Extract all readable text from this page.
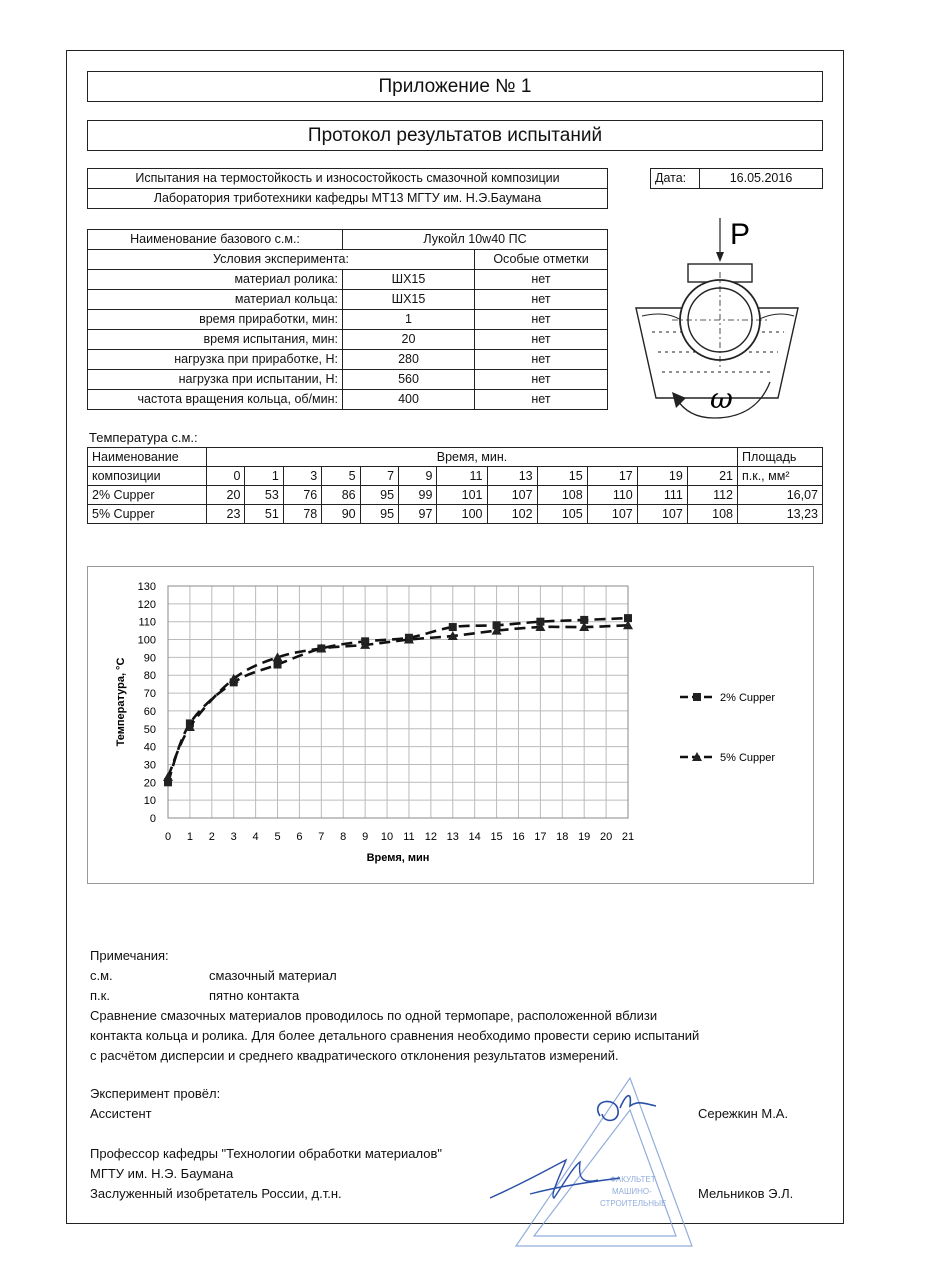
Приложение № 1
Протокол результатов испытаний
Испытания на термостойкость и износостойкость смазочной композиции
Лаборатория триботехники кафедры МТ13 МГТУ им. Н.Э.Баумана
Дата:	16.05.2016
Наименование базового с.м.:	Лукойл 10w40 ПС	
Условия эксперимента:		Особые отметки
материал ролика:	ШХ15	нет
материал кольца:	ШХ15	нет
время приработки, мин:	1	нет
время испытания, мин:	20	нет
нагрузка при приработке, Н:	280	нет
нагрузка при испытании, Н:	560	нет
частота вращения кольца, об/мин:	400	нет
P
ω
Температура с.м.:
Наименование	Время, мин.												Площадь
композиции	0	1	3	5	7	9	11	13	15	17	19	21	п.к., мм²
2% Cupper	20	53	76	86	95	99	101	107	108	110	111	112	16,07
5% Cupper	23	51	78	90	95	97	100	102	105	107	107	108	13,23
0 1 2 3 4 5 6 7 8 9 10 11 12 13 14 15 16 17 18 19 20 21
0
10
20
30
40
50
60
70
80
90
100
110
120
130
Время, мин
Температура, °С	2% Cupper
5% Cupper
Примечания:
с.м.	смазочный материал
п.к.	пятно контакта
Сравнение смазочных материалов проводилось по одной термопаре, расположенной вблизи
контакта кольца и ролика. Для более детального сравнения необходимо провести серию испытаний
с расчётом дисперсии и среднего квадратического отклонения результатов измерений.
Эксперимент провёл:
Ассистент	Сережкин М.А.
Профессор кафедры "Технологии обработки материалов"
МГТУ им. Н.Э. Баумана
Заслуженный изобретатель России, д.т.н.	Мельников Э.Л.
ФАКУЛЬТЕТ
МАШИНО-
СТРОИТЕЛЬНЫЕ
